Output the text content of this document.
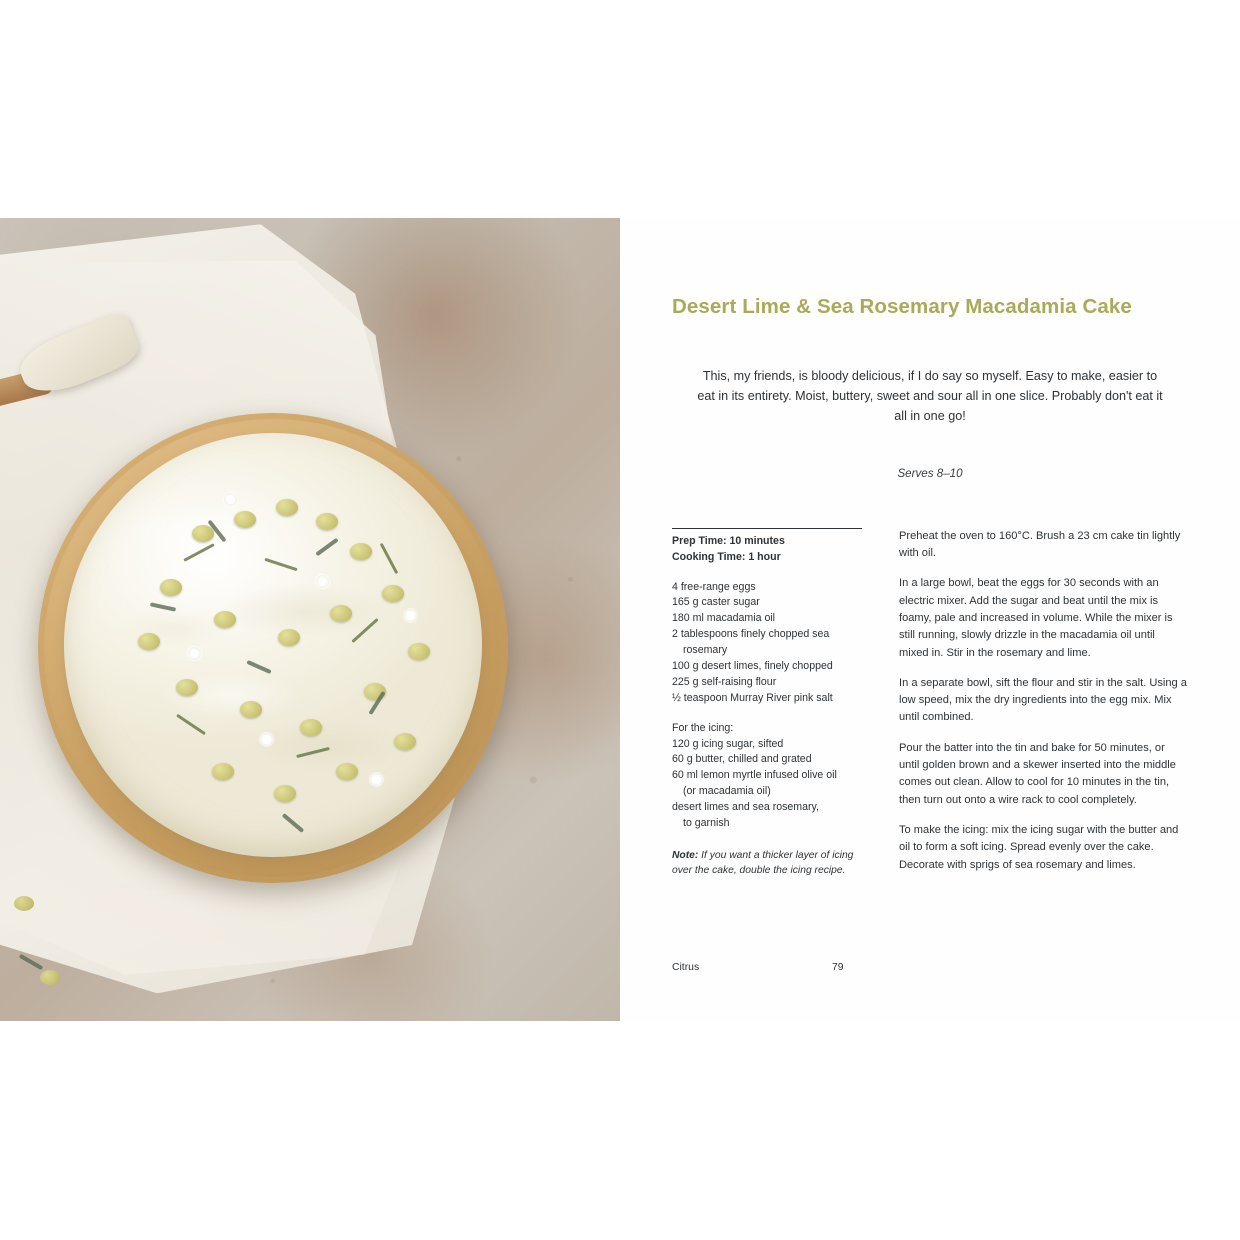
Desert Lime & Sea Rosemary Macadamia Cake
This, my friends, is bloody delicious, if I do say so myself. Easy to make, easier to eat in its entirety. Moist, buttery, sweet and sour all in one slice. Probably don't eat it all in one go!
Serves 8–10
Prep Time: 10 minutes
Cooking Time: 1 hour
4 free-range eggs
165 g caster sugar
180 ml macadamia oil
2 tablespoons finely chopped sea
rosemary
100 g desert limes, finely chopped
225 g self-raising flour
½ teaspoon Murray River pink salt
For the icing:
120 g icing sugar, sifted
60 g butter, chilled and grated
60 ml lemon myrtle infused olive oil
(or macadamia oil)
desert limes and sea rosemary,
to garnish
Note: If you want a thicker layer of icing over the cake, double the icing recipe.

Preheat the oven to 160°C. Brush a 23 cm cake tin lightly with oil.

In a large bowl, beat the eggs for 30 seconds with an electric mixer. Add the sugar and beat until the mix is foamy, pale and increased in volume. While the mixer is still running, slowly drizzle in the macadamia oil until mixed in. Stir in the rosemary and lime.

In a separate bowl, sift the flour and stir in the salt. Using a low speed, mix the dry ingredients into the egg mix. Mix until combined.

Pour the batter into the tin and bake for 50 minutes, or until golden brown and a skewer inserted into the middle comes out clean. Allow to cool for 10 minutes in the tin, then turn out onto a wire rack to cool completely.

To make the icing: mix the icing sugar with the butter and oil to form a soft icing. Spread evenly over the cake. Decorate with sprigs of sea rosemary and limes.

Citrus	79
